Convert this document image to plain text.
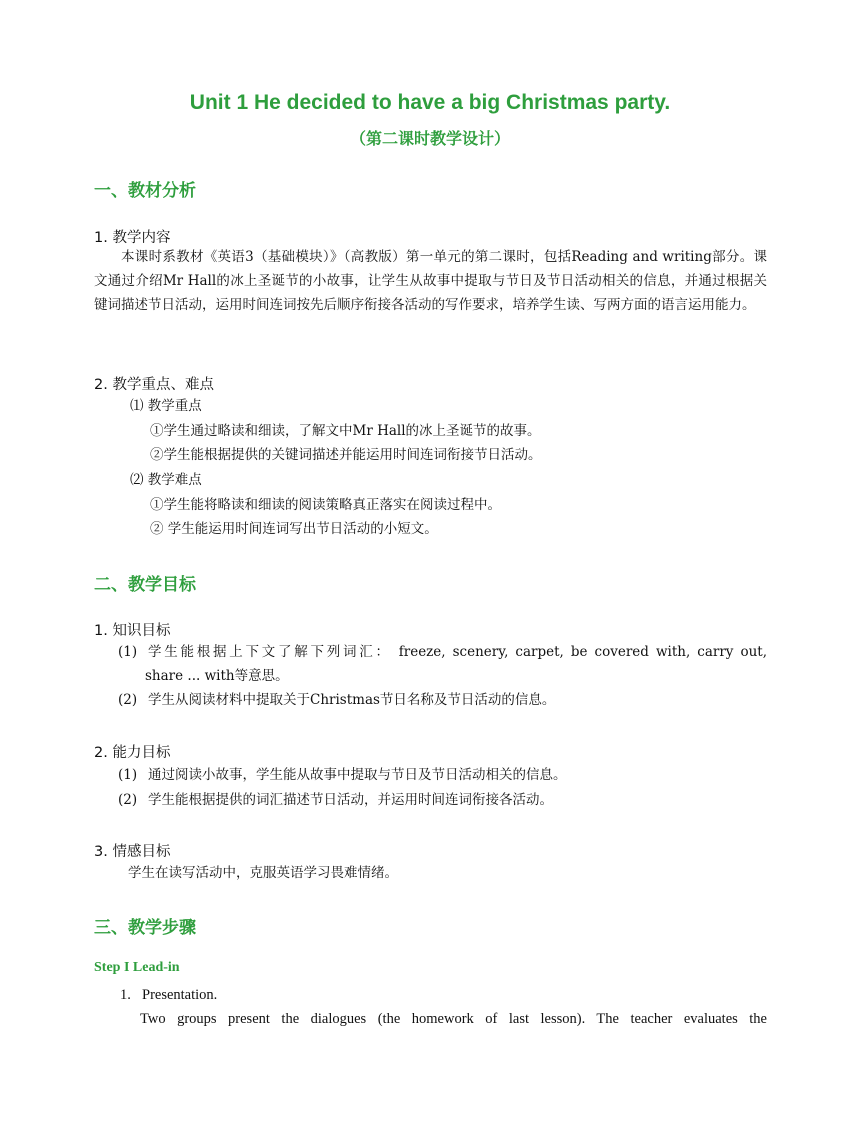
Unit 1 He decided to have a big Christmas party.
（第二课时教学设计）
一、教材分析
1. 教学内容
本课时系教材《英语3（基础模块）》（高教版）第一单元的第二课时，包括Reading and writing部分。课文通过介绍Mr Hall的冰上圣诞节的小故事，让学生从故事中提取与节日及节日活动相关的信息，并通过根据关键词描述节日活动，运用时间连词按先后顺序衔接各活动的写作要求，培养学生读、写两方面的语言运用能力。
2. 教学重点、难点
⑴ 教学重点
①学生通过略读和细读，了解文中Mr Hall的冰上圣诞节的故事。
②学生能根据提供的关键词描述并能运用时间连词衔接节日活动。
⑵ 教学难点
①学生能将略读和细读的阅读策略真正落实在阅读过程中。
② 学生能运用时间连词写出节日活动的小短文。
二、教学目标
1. 知识目标
(1) 学生能根据上下文了解下列词汇： freeze, scenery, carpet, be covered with, carry out,
share ... with等意思。
(2) 学生从阅读材料中提取关于Christmas节日名称及节日活动的信息。
2. 能力目标
(1) 通过阅读小故事，学生能从故事中提取与节日及节日活动相关的信息。
(2) 学生能根据提供的词汇描述节日活动，并运用时间连词衔接各活动。
3. 情感目标
学生在读写活动中，克服英语学习畏难情绪。
三、教学步骤
Step I Lead-in
1. Presentation.
Two groups present the dialogues (the homework of last lesson). The teacher evaluates the
